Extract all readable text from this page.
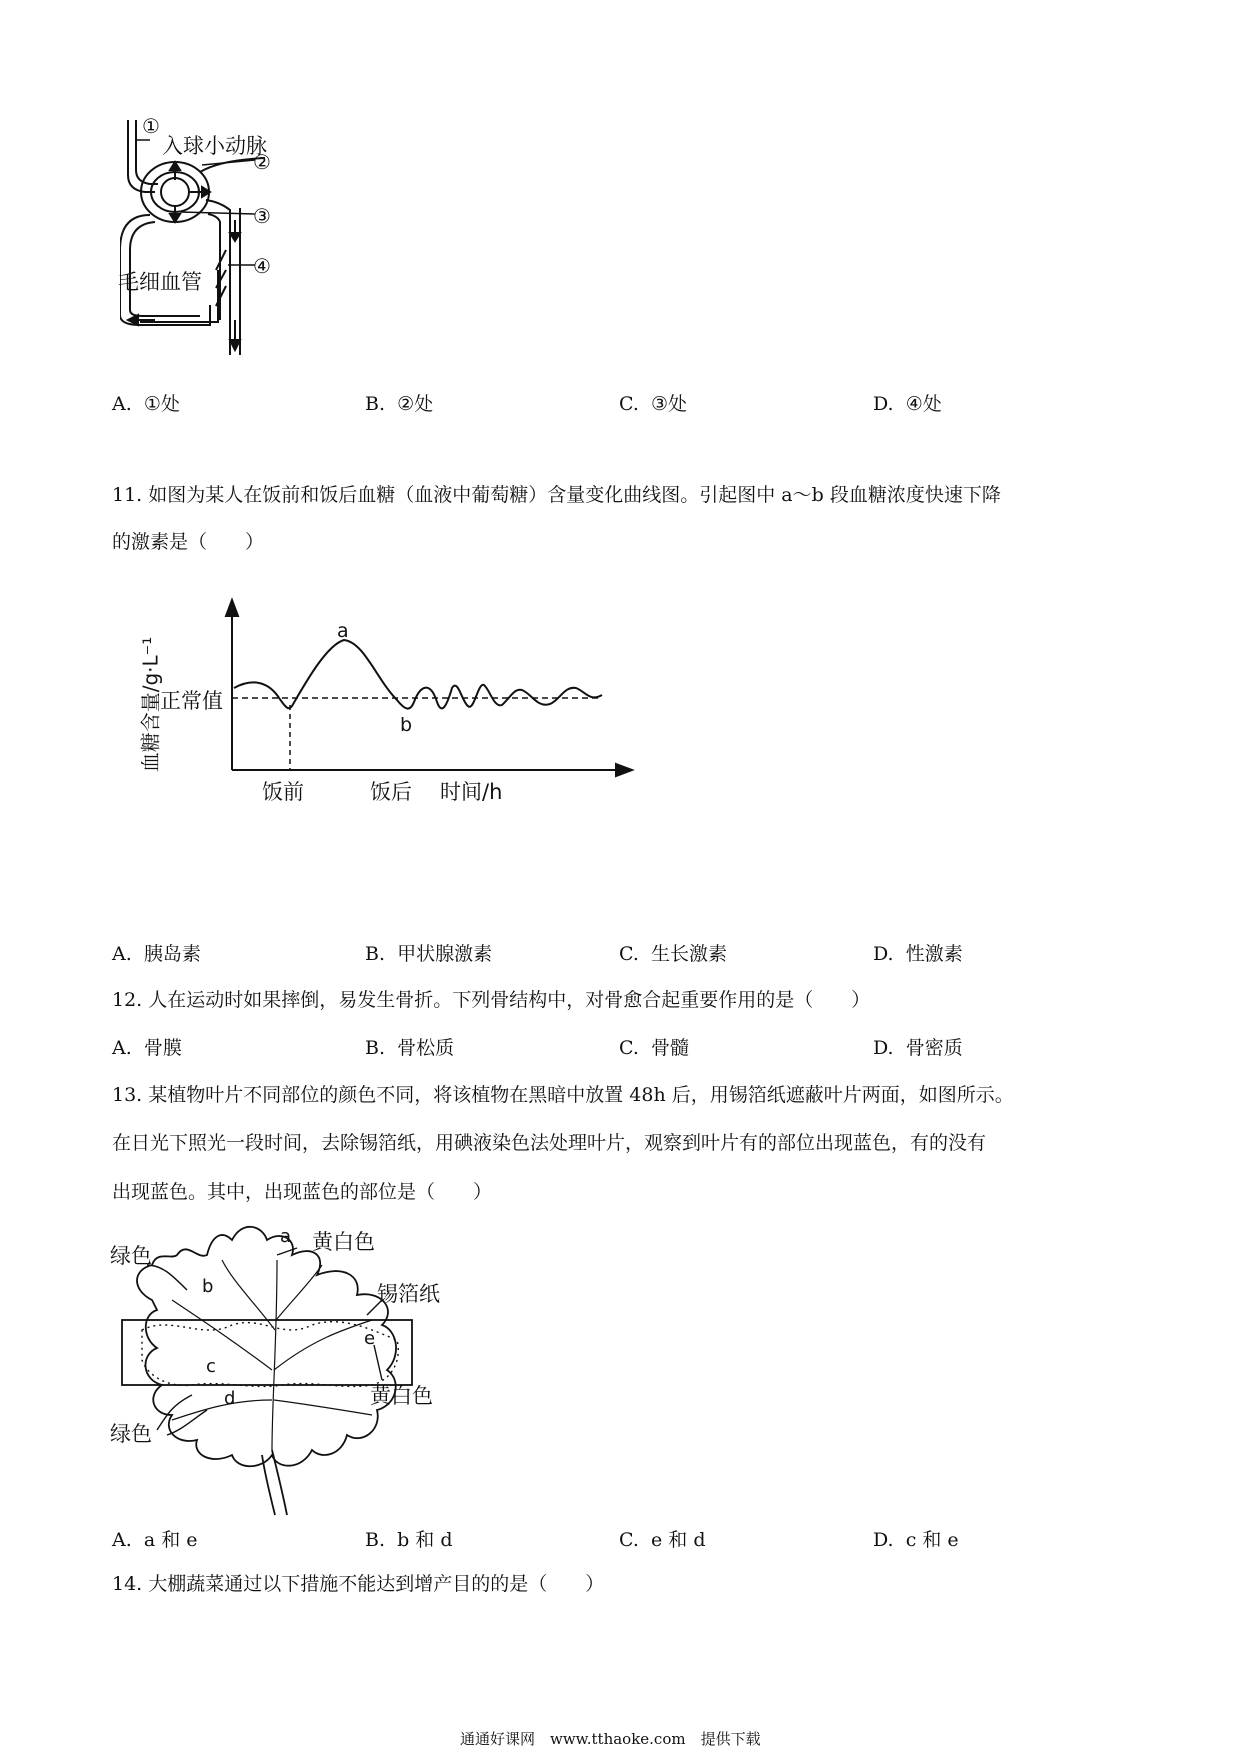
①
入球小动脉
②
③
④
毛细血管
A. ①处	B. ②处	C. ③处	D. ④处
11. 如图为某人在饭前和饭后血糖（血液中葡萄糖）含量变化曲线图。引起图中 a～b 段血糖浓度快速下降
的激素是（　　）
血糖含量/g·L⁻¹
正常值
a
b
饭前	饭后 时间/h
A. 胰岛素	B. 甲状腺激素	C. 生长激素	D. 性激素
12. 人在运动时如果摔倒，易发生骨折。下列骨结构中，对骨愈合起重要作用的是（　　）
A. 骨膜	B. 骨松质	C. 骨髓	D. 骨密质
13. 某植物叶片不同部位的颜色不同，将该植物在黑暗中放置 48h 后，用锡箔纸遮蔽叶片两面，如图所示。
在日光下照光一段时间，去除锡箔纸，用碘液染色法处理叶片，观察到叶片有的部位出现蓝色，有的没有
出现蓝色。其中，出现蓝色的部位是（　　）
绿色
a 黄白色
b	锡箔纸
e
c
黄白色
d
绿色
A. a 和 e	B. b 和 d	C. e 和 d	D. c 和 e
14. 大棚蔬菜通过以下措施不能达到增产目的的是（　　）
通通好课网　www.tthaoke.com　提供下载
